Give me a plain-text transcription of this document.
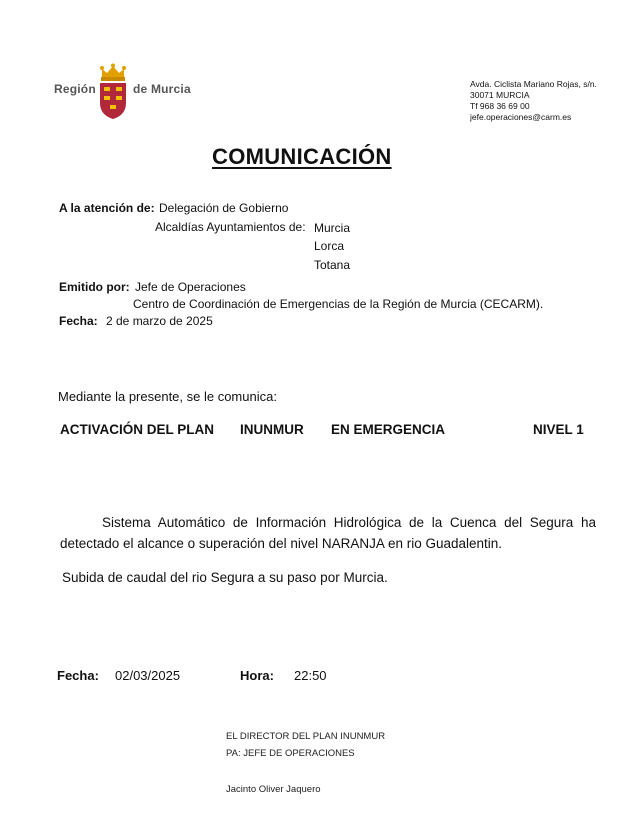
Región	de Murcia	Avda. Ciclista Mariano Rojas, s/n.
30071 MURCIA
Tf 968 36 69 00
jefe.operaciones@carm.es
COMUNICACIÓN
A la atención de: Delegación de Gobierno
Alcaldías Ayuntamientos de: Murcia
Lorca
Totana
Emitido por: Jefe de Operaciones
Centro de Coordinación de Emergencias de la Región de Murcia (CECARM).
Fecha: 2 de marzo de 2025
Mediante la presente, se le comunica:
ACTIVACIÓN DEL PLAN INUNMUR EN EMERGENCIA	NIVEL 1
Sistema Automático de Información Hidrológica de la Cuenca del Segura ha detectado el alcance o superación del nivel NARANJA en rio Guadalentin.
Subida de caudal del rio Segura a su paso por Murcia.
Fecha: 02/03/2025	Hora: 22:50
EL DIRECTOR DEL PLAN INUNMUR
PA: JEFE DE OPERACIONES
Jacinto Oliver Jaquero
